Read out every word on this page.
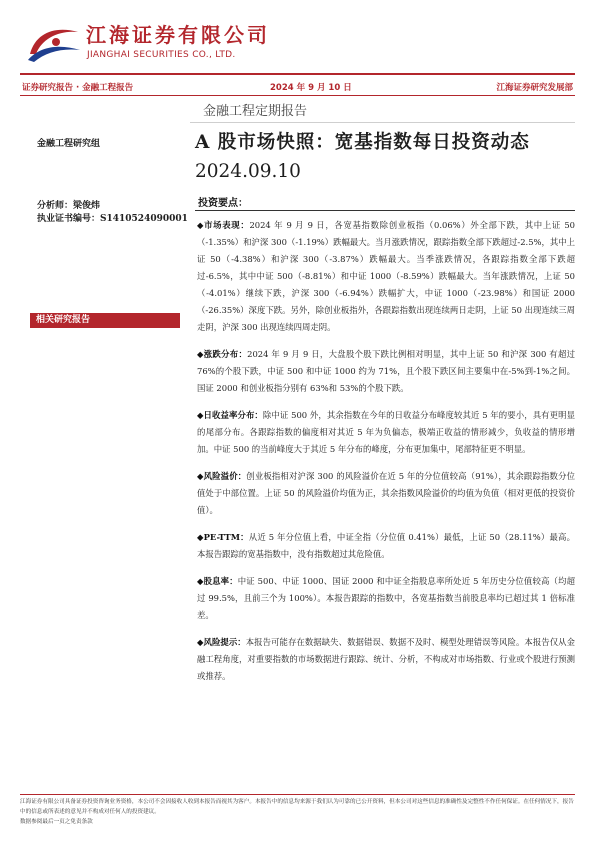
江海证券有限公司
JIANGHAI SECURITIES CO., LTD.
证券研究报告 · 金融工程报告	2024 年 9 月 10 日	江海证券研究发展部
金融工程定期报告
A 股市场快照：宽基指数每日投资动态
2024.09.10
金融工程研究组
分析师：梁俊炜
执业证书编号：S1410524090001
相关研究报告
投资要点：

◆市场表现：2024 年 9 月 9 日，各宽基指数除创业板指（0.06%）外全部下跌，其中上证 50（-1.35%）和沪深 300（-1.19%）跌幅最大。当月涨跌情况，跟踪指数全部下跌超过-2.5%，其中上证 50（-4.38%）和沪深 300（-3.87%）跌幅最大。当季涨跌情况，各跟踪指数全部下跌超过-6.5%，其中中证 500（-8.81%）和中证 1000（-8.59%）跌幅最大。当年涨跌情况，上证 50（-4.01%）继续下跌，沪深 300（-6.94%）跌幅扩大，中证 1000（-23.98%）和国证 2000（-26.35%）深度下跌。另外，除创业板指外，各跟踪指数出现连续两日走阴，上证 50 出现连续三周走阴，沪深 300 出现连续四周走阴。

◆涨跌分布：2024 年 9 月 9 日，大盘股个股下跌比例相对明显，其中上证 50 和沪深 300 有超过 76%的个股下跌，中证 500 和中证 1000 约为 71%，且个股下跌区间主要集中在-5%到-1%之间。国证 2000 和创业板指分别有 63%和 53%的个股下跌。

◆日收益率分布：除中证 500 外，其余指数在今年的日收益分布峰度较其近 5 年的要小，具有更明显的尾部分布。各跟踪指数的偏度相对其近 5 年为负偏态，极端正收益的情形减少，负收益的情形增加。中证 500 的当前峰度大于其近 5 年分布的峰度，分布更加集中，尾部特征更不明显。

◆风险溢价：创业板指相对沪深 300 的风险溢价在近 5 年的分位值较高（91%），其余跟踪指数分位值处于中部位置。上证 50 的风险溢价均值为正，其余指数风险溢价的均值为负值（相对更低的投资价值）。

◆PE-TTM：从近 5 年分位值上看，中证全指（分位值 0.41%）最低，上证 50（28.11%）最高。本报告跟踪的宽基指数中，没有指数超过其危险值。

◆股息率：中证 500、中证 1000、国证 2000 和中证全指股息率所处近 5 年历史分位值较高（均超过 99.5%，且前三个为 100%）。本报告跟踪的指数中，各宽基指数当前股息率均已超过其 1 倍标准差。

◆风险提示：本报告可能存在数据缺失、数据错误、数据不及时、模型处理错误等风险。本报告仅从金融工程角度，对重要指数的市场数据进行跟踪、统计、分析，不构成对市场指数、行业或个股进行预测或推荐。

江海证券有限公司具备证券投资咨询业务资格，本公司不会因接收人收到本报告而视其为客户。本报告中的信息均来源于我们认为可靠的已公开资料，但本公司对这些信息的准确性及完整性不作任何保证。在任何情况下，报告中的信息或所表述的意见并不构成对任何人的投资建议。
数据参阅最后一页之免责条款
